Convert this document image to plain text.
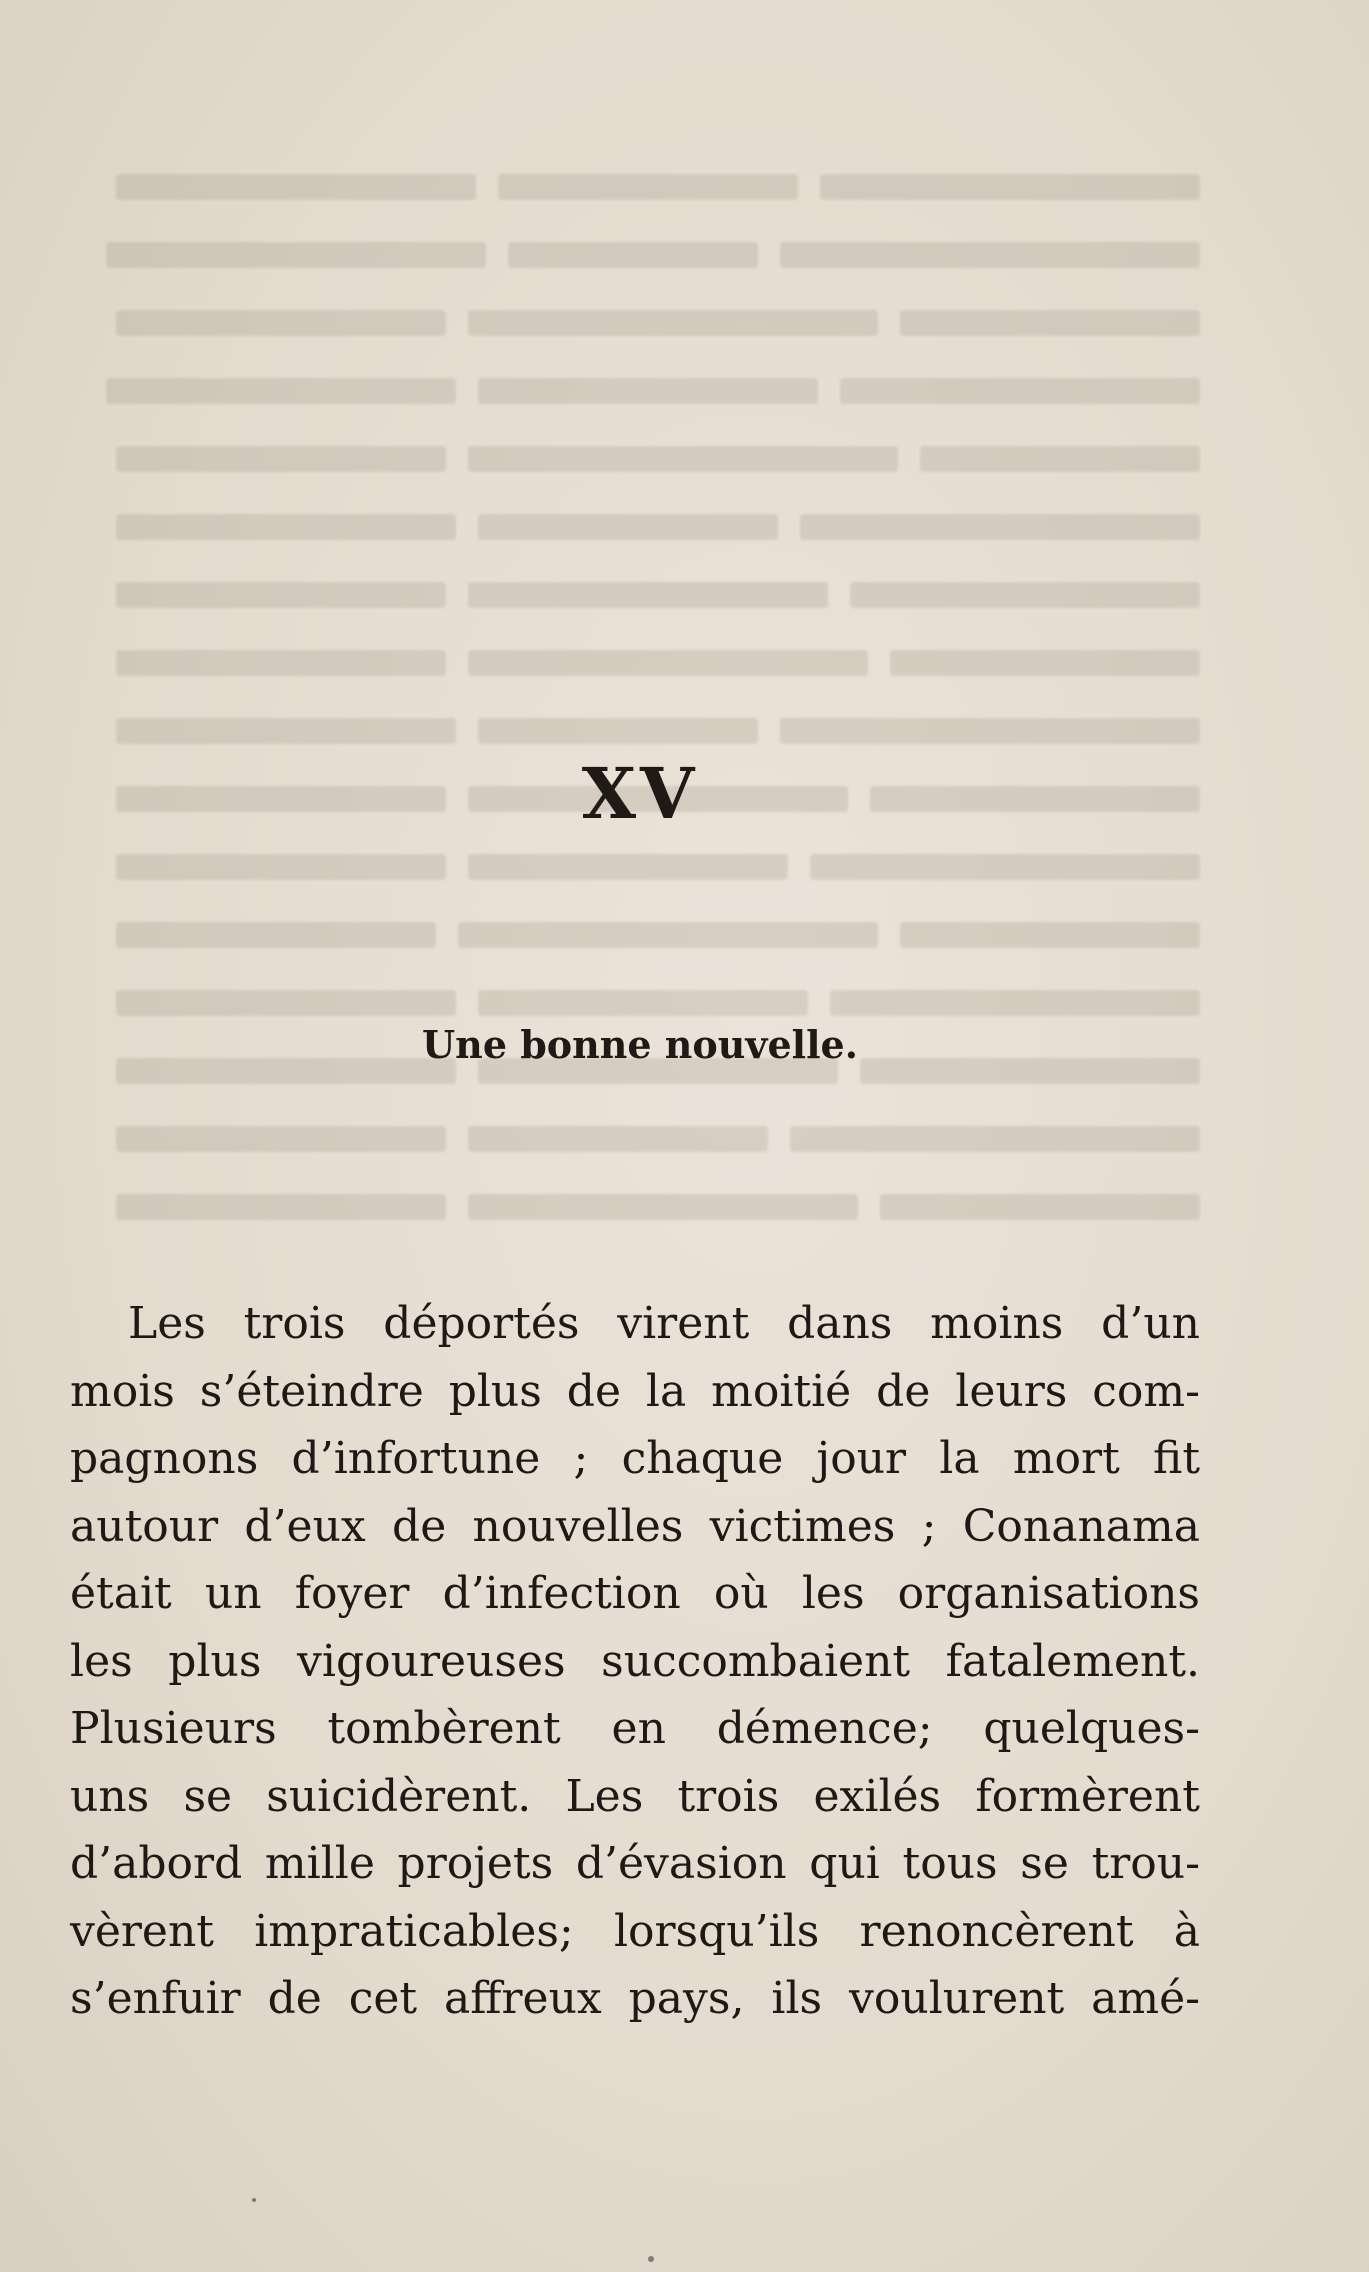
XV
Une bonne nouvelle.
Les trois déportés virent dans moins d’un
mois s’éteindre plus de la moitié de leurs com-
pagnons d’infortune ; chaque jour la mort fit
autour d’eux de nouvelles victimes ; Conanama
était un foyer d’infection où les organisations
les plus vigoureuses succombaient fatalement.
Plusieurs tombèrent en démence; quelques-
uns se suicidèrent. Les trois exilés formèrent
d’abord mille projets d’évasion qui tous se trou-
vèrent impraticables; lorsqu’ils renoncèrent à
s’enfuir de cet affreux pays, ils voulurent amé-
